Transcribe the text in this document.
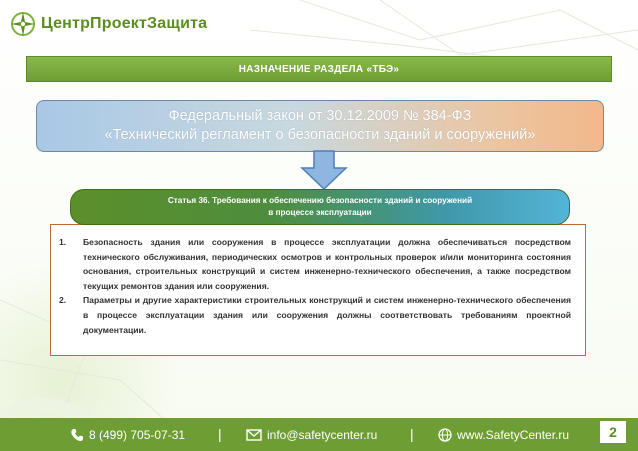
ЦентрПроектЗащита
НАЗНАЧЕНИЕ РАЗДЕЛА «ТБЭ»
Федеральный закон от 30.12.2009 № 384-ФЗ
«Технический регламент о безопасности зданий и сооружений»
Статья 36. Требования к обеспечению безопасности зданий и сооружений
в процессе эксплуатации
1.	Безопасность здания или сооружения в процессе эксплуатации должна обеспечиваться посредством технического обслуживания, периодических осмотров и контрольных проверок и/или мониторинга состояния основания, строительных конструкций и систем инженерно-технического обеспечения, а также посредством текущих ремонтов здания или сооружения.
2.	Параметры и другие характеристики строительных конструкций и систем инженерно-технического обеспечения в процессе эксплуатации здания или сооружения должны соответствовать требованиям проектной документации.
8 (499) 705-07-31 |	info@safetycenter.ru |	www.SafetyCenter.ru	2
